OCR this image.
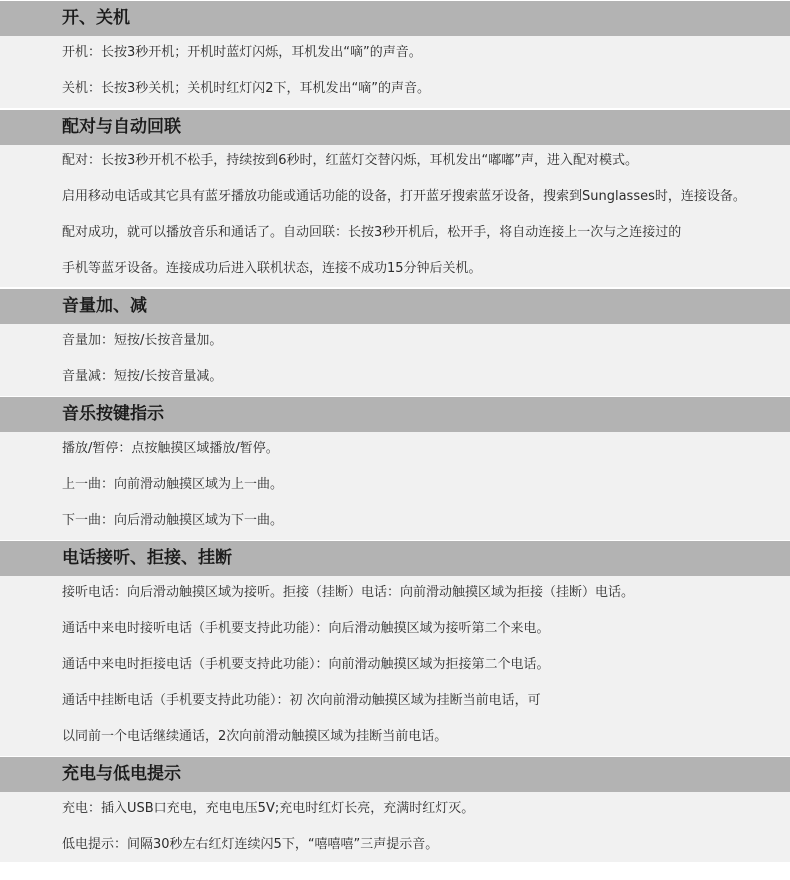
开、关机
开机：长按3秒开机；开机时蓝灯闪烁，耳机发出“嘀”的声音。
关机：长按3秒关机；关机时红灯闪2下，耳机发出“嘀”的声音。
配对与自动回联
配对：长按3秒开机不松手，持续按到6秒时，红蓝灯交替闪烁，耳机发出“嘟嘟”声，进入配对模式。
启用移动电话或其它具有蓝牙播放功能或通话功能的设备，打开蓝牙搜索蓝牙设备，搜索到Sunglasses时，连接设备。
配对成功，就可以播放音乐和通话了。自动回联：长按3秒开机后，松开手，将自动连接上一次与之连接过的
手机等蓝牙设备。连接成功后进入联机状态，连接不成功15分钟后关机。
音量加、减
音量加：短按/长按音量加。
音量减：短按/长按音量减。
音乐按键指示
播放/暂停：点按触摸区域播放/暂停。
上一曲：向前滑动触摸区域为上一曲。
下一曲：向后滑动触摸区域为下一曲。
电话接听、拒接、挂断
接听电话：向后滑动触摸区域为接听。拒接（挂断）电话：向前滑动触摸区域为拒接（挂断）电话。
通话中来电时接听电话（手机要支持此功能）：向后滑动触摸区域为接听第二个来电。
通话中来电时拒接电话（手机要支持此功能）：向前滑动触摸区域为拒接第二个电话。
通话中挂断电话（手机要支持此功能）：初 次向前滑动触摸区域为挂断当前电话，可
以同前一个电话继续通话，2次向前滑动触摸区域为挂断当前电话。
充电与低电提示
充电：插入USB口充电，充电电压5V;充电时红灯长亮，充满时红灯灭。
低电提示：间隔30秒左右红灯连续闪5下，“嘻嘻嘻”三声提示音。
